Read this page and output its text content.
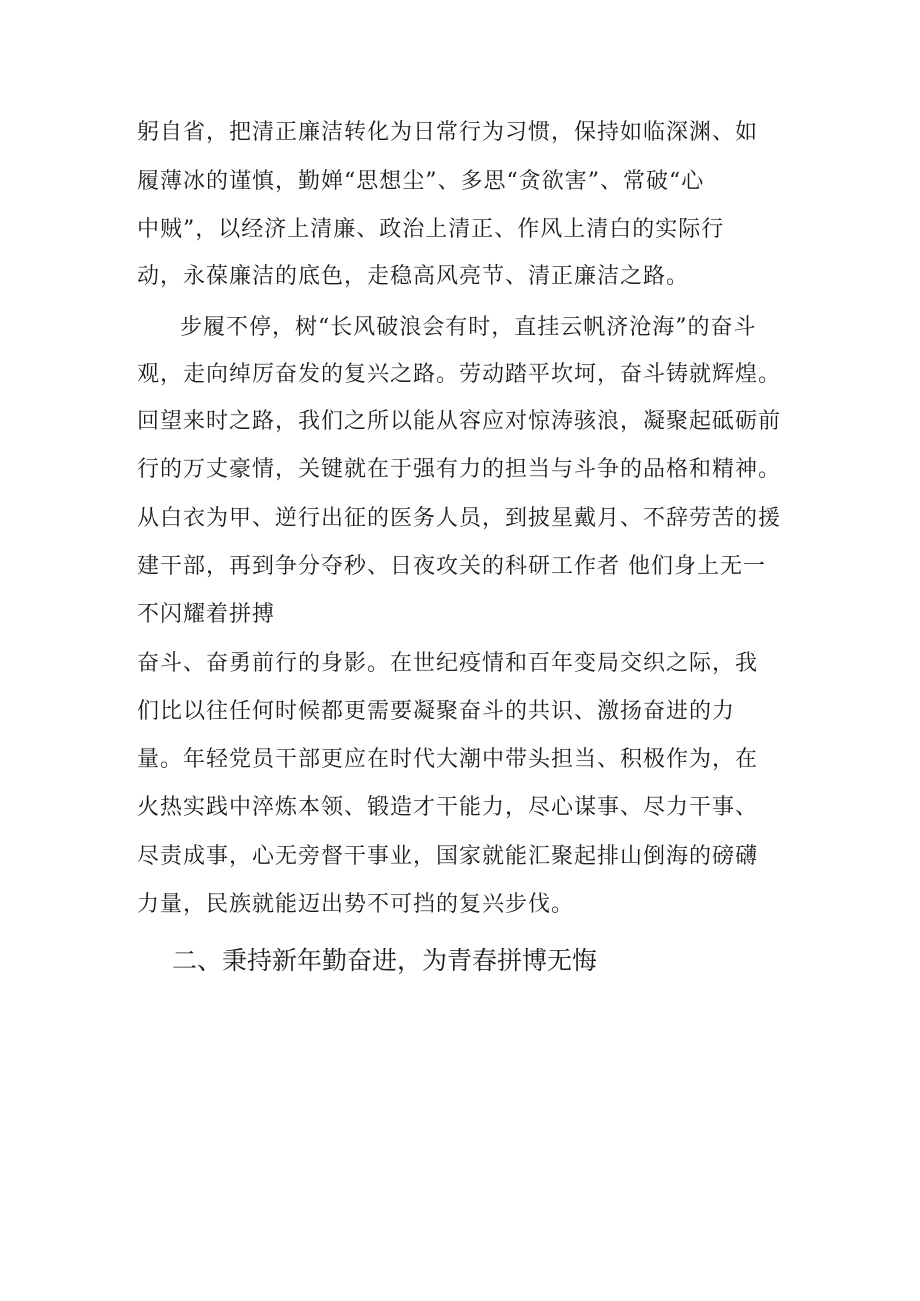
躬自省，把清正廉洁转化为日常行为习惯，保持如临深渊、如
履薄冰的谨慎，勤婵“思想尘”、多思“贪欲害”、常破“心
中贼”，以经济上清廉、政治上清正、作风上清白的实际行
动，永葆廉洁的底色，走稳高风亮节、清正廉洁之路。
步履不停，树“长风破浪会有时，直挂云帆济沧海”的奋斗
观，走向绰厉奋发的复兴之路。劳动踏平坎坷，奋斗铸就辉煌。
回望来时之路，我们之所以能从容应对惊涛骇浪，凝聚起砥砺前
行的万丈豪情，关键就在于强有力的担当与斗争的品格和精神。
从白衣为甲、逆行出征的医务人员，到披星戴月、不辞劳苦的援
建干部，再到争分夺秒、日夜攻关的科研工作者 他们身上无一
不闪耀着拼搏
奋斗、奋勇前行的身影。在世纪疫情和百年变局交织之际，我
们比以往任何时候都更需要凝聚奋斗的共识、激扬奋进的力
量。年轻党员干部更应在时代大潮中带头担当、积极作为，在
火热实践中淬炼本领、锻造才干能力，尽心谋事、尽力干事、
尽责成事，心无旁督干事业，国家就能汇聚起排山倒海的磅礴
力量，民族就能迈出势不可挡的复兴步伐。
二、秉持新年勤奋进，为青春拼博无悔
